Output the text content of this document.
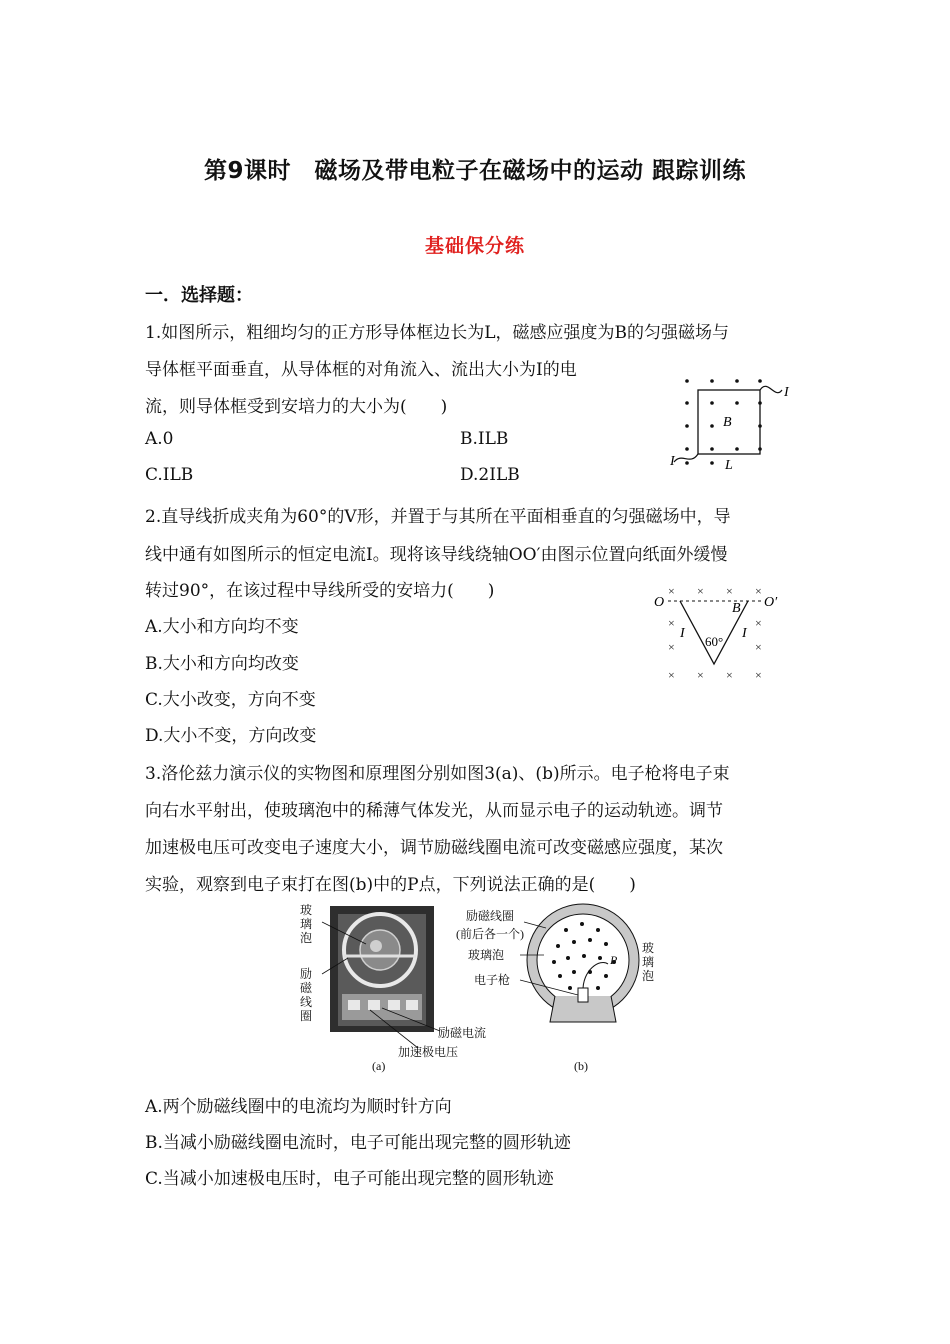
第9课时　磁场及带电粒子在磁场中的运动 跟踪训练
基础保分练
一．选择题：
1.如图所示，粗细均匀的正方形导体框边长为L，磁感应强度为B的匀强磁场与
导体框平面垂直，从导体框的对角流入、流出大小为I的电
流，则导体框受到安培力的大小为(　　)
A.0	B.ILB
C.ILB	D.2ILB
B
L
I
I
2.直导线折成夹角为60°的V形，并置于与其所在平面相垂直的匀强磁场中，导
线中通有如图所示的恒定电流I。现将该导线绕轴OO′由图示位置向纸面外缓慢
转过90°，在该过程中导线所受的安培力(　　)
A.大小和方向均不变
B.大小和方向均改变
C.大小改变，方向不变
D.大小不变，方向改变
× × × ×
×	×
×	×
× × × ×
O	O′
B
I	I
60°
3.洛伦兹力演示仪的实物图和原理图分别如图3(a)、(b)所示。电子枪将电子束
向右水平射出，使玻璃泡中的稀薄气体发光，从而显示电子的运动轨迹。调节
加速极电压可改变电子速度大小，调节励磁线圈电流可改变磁感应强度，某次
实验，观察到电子束打在图(b)中的P点，下列说法正确的是(　　)
玻
璃
泡
励
磁
线
圈
励磁电流
加速极电压
(a)
励磁线圈
(前后各一个)
玻璃泡
电子枪
玻
璃
泡
P
(b)
A.两个励磁线圈中的电流均为顺时针方向
B.当减小励磁线圈电流时，电子可能出现完整的圆形轨迹
C.当减小加速极电压时，电子可能出现完整的圆形轨迹
